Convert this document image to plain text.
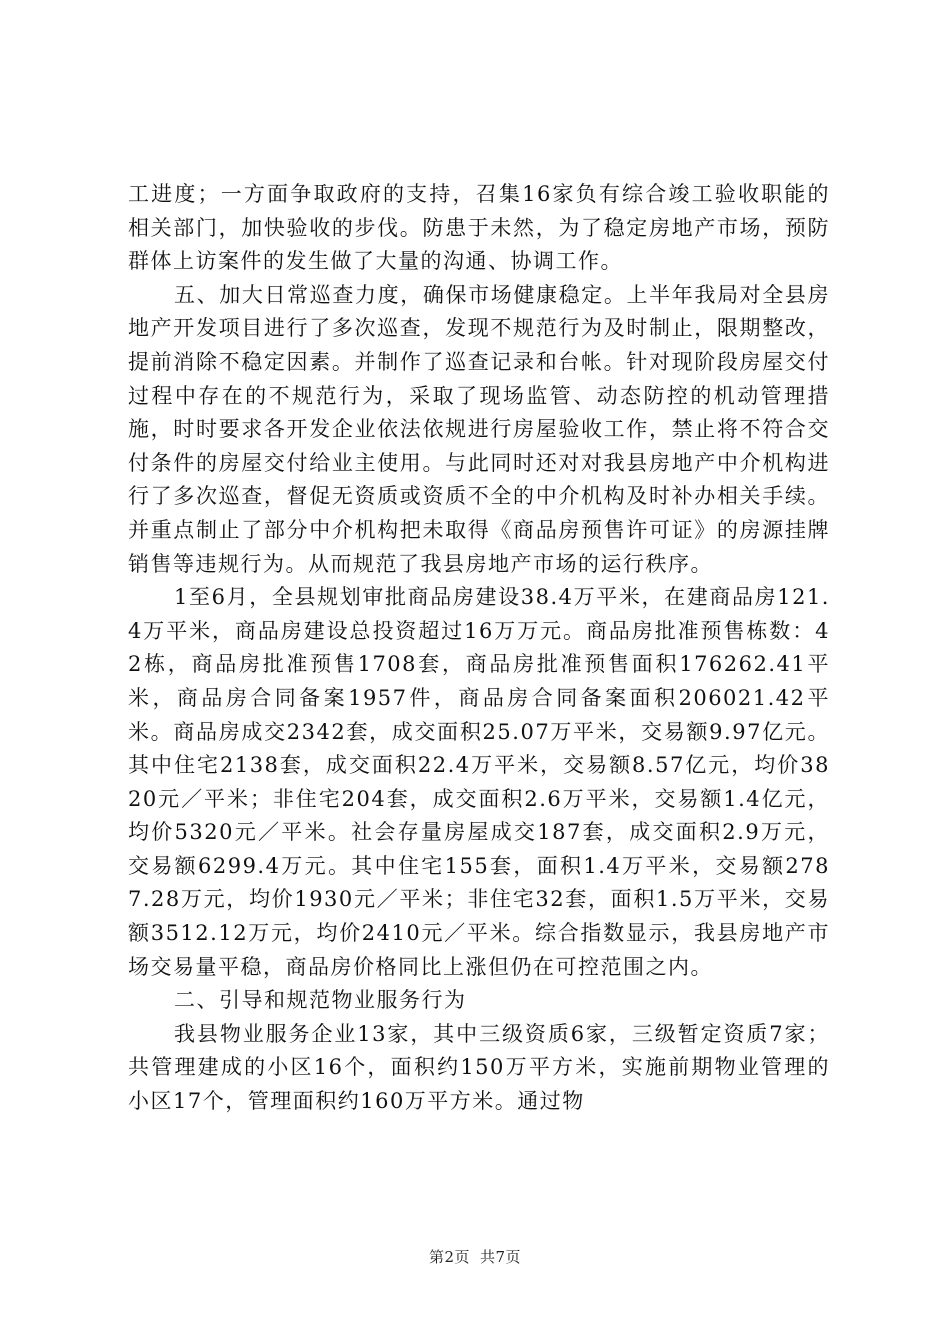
工进度；一方面争取政府的支持，召集16家负有综合竣工验收职能的相关部门，加快验收的步伐。防患于未然，为了稳定房地产市场，预防群体上访案件的发生做了大量的沟通、协调工作。

五、加大日常巡查力度，确保市场健康稳定。上半年我局对全县房地产开发项目进行了多次巡查，发现不规范行为及时制止，限期整改，提前消除不稳定因素。并制作了巡查记录和台帐。针对现阶段房屋交付过程中存在的不规范行为，采取了现场监管、动态防控的机动管理措施，时时要求各开发企业依法依规进行房屋验收工作，禁止将不符合交付条件的房屋交付给业主使用。与此同时还对对我县房地产中介机构进行了多次巡查，督促无资质或资质不全的中介机构及时补办相关手续。并重点制止了部分中介机构把未取得《商品房预售许可证》的房源挂牌销售等违规行为。从而规范了我县房地产市场的运行秩序。

1至6月，全县规划审批商品房建设38.4万平米，在建商品房121.4万平米，商品房建设总投资超过16万万元。商品房批准预售栋数：42栋，商品房批准预售1708套，商品房批准预售面积176262.41平米，商品房合同备案1957件，商品房合同备案面积206021.42平米。商品房成交2342套，成交面积25.07万平米，交易额9.97亿元。其中住宅2138套，成交面积22.4万平米，交易额8.57亿元，均价3820元／平米；非住宅204套，成交面积2.6万平米，交易额1.4亿元，均价5320元／平米。社会存量房屋成交187套，成交面积2.9万元，交易额6299.4万元。其中住宅155套，面积1.4万平米，交易额2787.28万元，均价1930元／平米；非住宅32套，面积1.5万平米，交易额3512.12万元，均价2410元／平米。综合指数显示，我县房地产市场交易量平稳，商品房价格同比上涨但仍在可控范围之内。

二、引导和规范物业服务行为

我县物业服务企业13家，其中三级资质6家，三级暂定资质7家；共管理建成的小区16个，面积约150万平方米，实施前期物业管理的小区17个，管理面积约160万平方米。通过物

第2页 共7页
